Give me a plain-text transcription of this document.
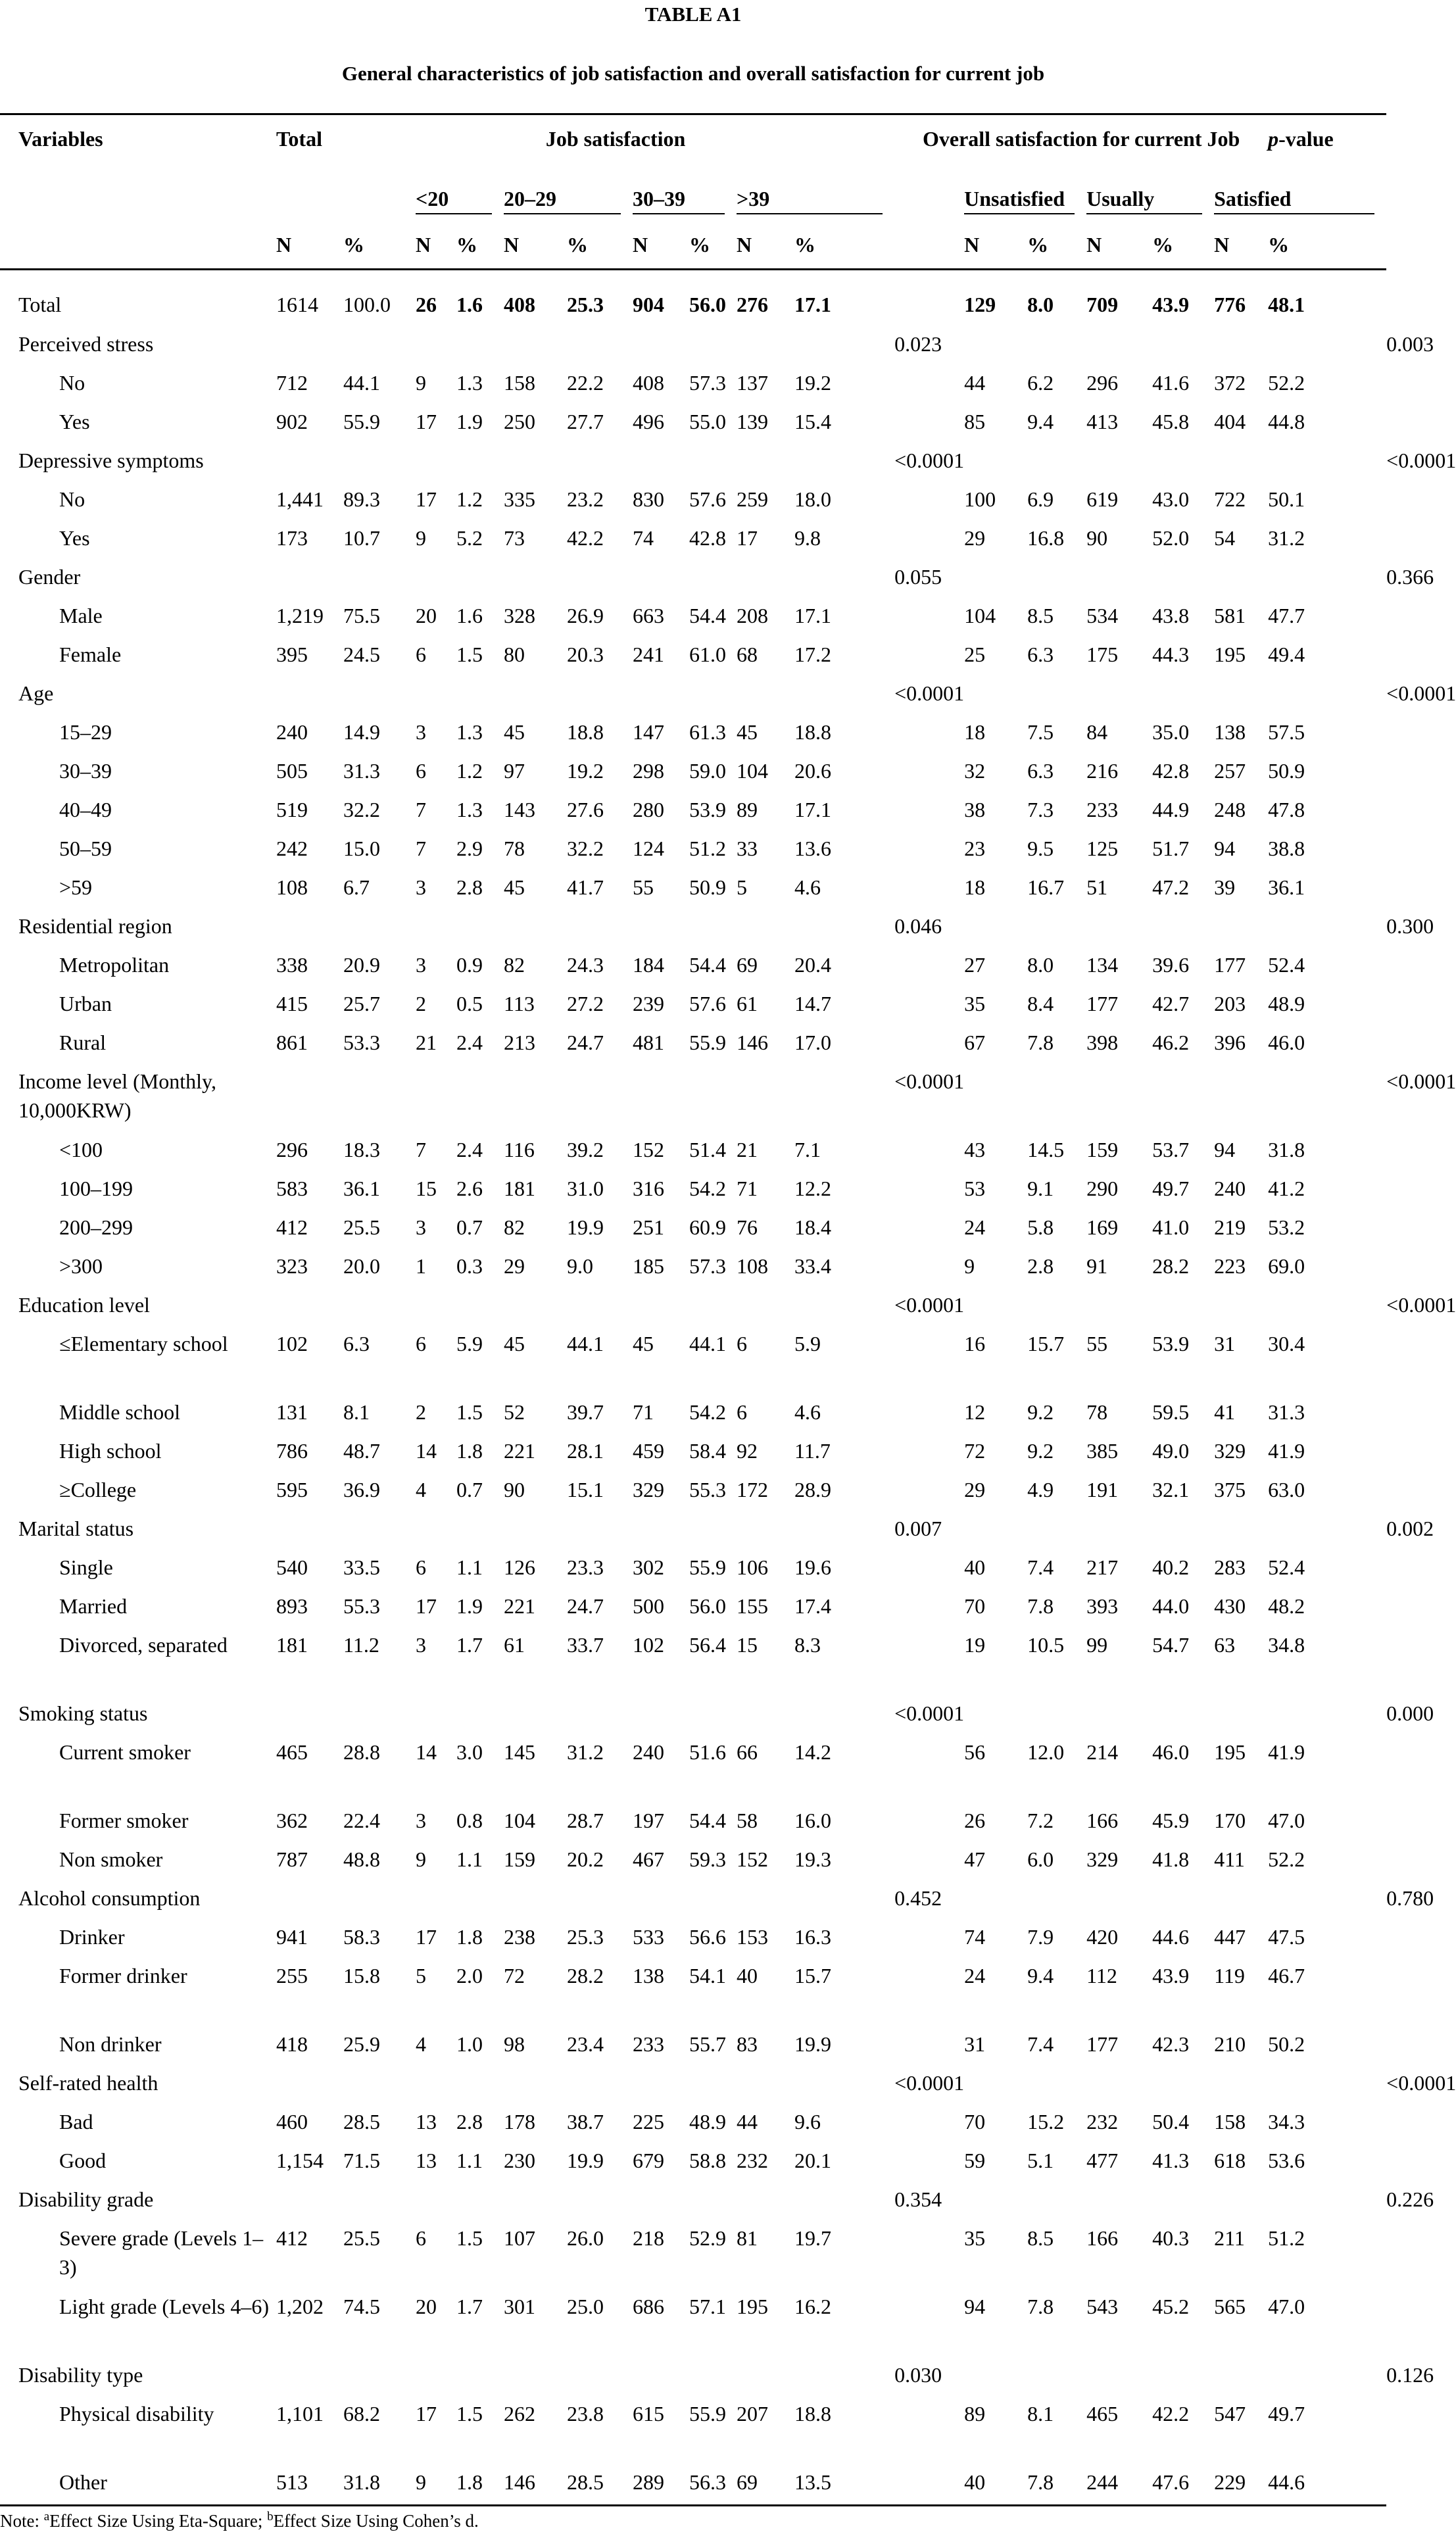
TABLE A1
General characteristics of job satisfaction and overall satisfaction for current job
Variables	Total		Job satisfaction								Overall satisfaction for current Job						p-value	

			<20		20–29		30–39		>39			Unsatisfied		Usually		Satisfied		

	N	%	N	%	N	%	N	%	N	%		N	%	N	%	N	%	
Total	1614	100.0	26	1.6	408	25.3	904	56.0	276	17.1		129	8.0	709	43.9	776	48.1	
Perceived stress											0.023							0.003
No	712	44.1	9	1.3	158	22.2	408	57.3	137	19.2		44	6.2	296	41.6	372	52.2	
Yes	902	55.9	17	1.9	250	27.7	496	55.0	139	15.4		85	9.4	413	45.8	404	44.8	
Depressive symptoms											<0.0001							<0.0001
No	1,441	89.3	17	1.2	335	23.2	830	57.6	259	18.0		100	6.9	619	43.0	722	50.1	
Yes	173	10.7	9	5.2	73	42.2	74	42.8	17	9.8		29	16.8	90	52.0	54	31.2	
Gender											0.055							0.366
Male	1,219	75.5	20	1.6	328	26.9	663	54.4	208	17.1		104	8.5	534	43.8	581	47.7	
Female	395	24.5	6	1.5	80	20.3	241	61.0	68	17.2		25	6.3	175	44.3	195	49.4	
Age											<0.0001							<0.0001
15–29	240	14.9	3	1.3	45	18.8	147	61.3	45	18.8		18	7.5	84	35.0	138	57.5	
30–39	505	31.3	6	1.2	97	19.2	298	59.0	104	20.6		32	6.3	216	42.8	257	50.9	
40–49	519	32.2	7	1.3	143	27.6	280	53.9	89	17.1		38	7.3	233	44.9	248	47.8	
50–59	242	15.0	7	2.9	78	32.2	124	51.2	33	13.6		23	9.5	125	51.7	94	38.8	
>59	108	6.7	3	2.8	45	41.7	55	50.9	5	4.6		18	16.7	51	47.2	39	36.1	
Residential region											0.046							0.300
Metropolitan	338	20.9	3	0.9	82	24.3	184	54.4	69	20.4		27	8.0	134	39.6	177	52.4	
Urban	415	25.7	2	0.5	113	27.2	239	57.6	61	14.7		35	8.4	177	42.7	203	48.9	
Rural	861	53.3	21	2.4	213	24.7	481	55.9	146	17.0		67	7.8	398	46.2	396	46.0	
Income level (Monthly, 10,000KRW)											<0.0001							<0.0001
<100	296	18.3	7	2.4	116	39.2	152	51.4	21	7.1		43	14.5	159	53.7	94	31.8	
100–199	583	36.1	15	2.6	181	31.0	316	54.2	71	12.2		53	9.1	290	49.7	240	41.2	
200–299	412	25.5	3	0.7	82	19.9	251	60.9	76	18.4		24	5.8	169	41.0	219	53.2	
>300	323	20.0	1	0.3	29	9.0	185	57.3	108	33.4		9	2.8	91	28.2	223	69.0	
Education level											<0.0001							<0.0001
≤Elementary school	102	6.3	6	5.9	45	44.1	45	44.1	6	5.9		16	15.7	55	53.9	31	30.4	
Middle school	131	8.1	2	1.5	52	39.7	71	54.2	6	4.6		12	9.2	78	59.5	41	31.3	
High school	786	48.7	14	1.8	221	28.1	459	58.4	92	11.7		72	9.2	385	49.0	329	41.9	
≥College	595	36.9	4	0.7	90	15.1	329	55.3	172	28.9		29	4.9	191	32.1	375	63.0	
Marital status											0.007							0.002
Single	540	33.5	6	1.1	126	23.3	302	55.9	106	19.6		40	7.4	217	40.2	283	52.4	
Married	893	55.3	17	1.9	221	24.7	500	56.0	155	17.4		70	7.8	393	44.0	430	48.2	
Divorced, separated	181	11.2	3	1.7	61	33.7	102	56.4	15	8.3		19	10.5	99	54.7	63	34.8	
Smoking status											<0.0001							0.000
Current smoker	465	28.8	14	3.0	145	31.2	240	51.6	66	14.2		56	12.0	214	46.0	195	41.9	
Former smoker	362	22.4	3	0.8	104	28.7	197	54.4	58	16.0		26	7.2	166	45.9	170	47.0	
Non smoker	787	48.8	9	1.1	159	20.2	467	59.3	152	19.3		47	6.0	329	41.8	411	52.2	
Alcohol consumption											0.452							0.780
Drinker	941	58.3	17	1.8	238	25.3	533	56.6	153	16.3		74	7.9	420	44.6	447	47.5	
Former drinker	255	15.8	5	2.0	72	28.2	138	54.1	40	15.7		24	9.4	112	43.9	119	46.7	
Non drinker	418	25.9	4	1.0	98	23.4	233	55.7	83	19.9		31	7.4	177	42.3	210	50.2	
Self-rated health											<0.0001							<0.0001
Bad	460	28.5	13	2.8	178	38.7	225	48.9	44	9.6		70	15.2	232	50.4	158	34.3	
Good	1,154	71.5	13	1.1	230	19.9	679	58.8	232	20.1		59	5.1	477	41.3	618	53.6	
Disability grade											0.354							0.226
Severe grade (Levels 1–3)	412	25.5	6	1.5	107	26.0	218	52.9	81	19.7		35	8.5	166	40.3	211	51.2	
Light grade (Levels 4–6)	1,202	74.5	20	1.7	301	25.0	686	57.1	195	16.2		94	7.8	543	45.2	565	47.0	
Disability type											0.030							0.126
Physical disability	1,101	68.2	17	1.5	262	23.8	615	55.9	207	18.8		89	8.1	465	42.2	547	49.7	
Other	513	31.8	9	1.8	146	28.5	289	56.3	69	13.5		40	7.8	244	47.6	229	44.6	
Note: $^a$Effect Size Using Eta-Square; $^b$Effect Size Using Cohen’s d.
